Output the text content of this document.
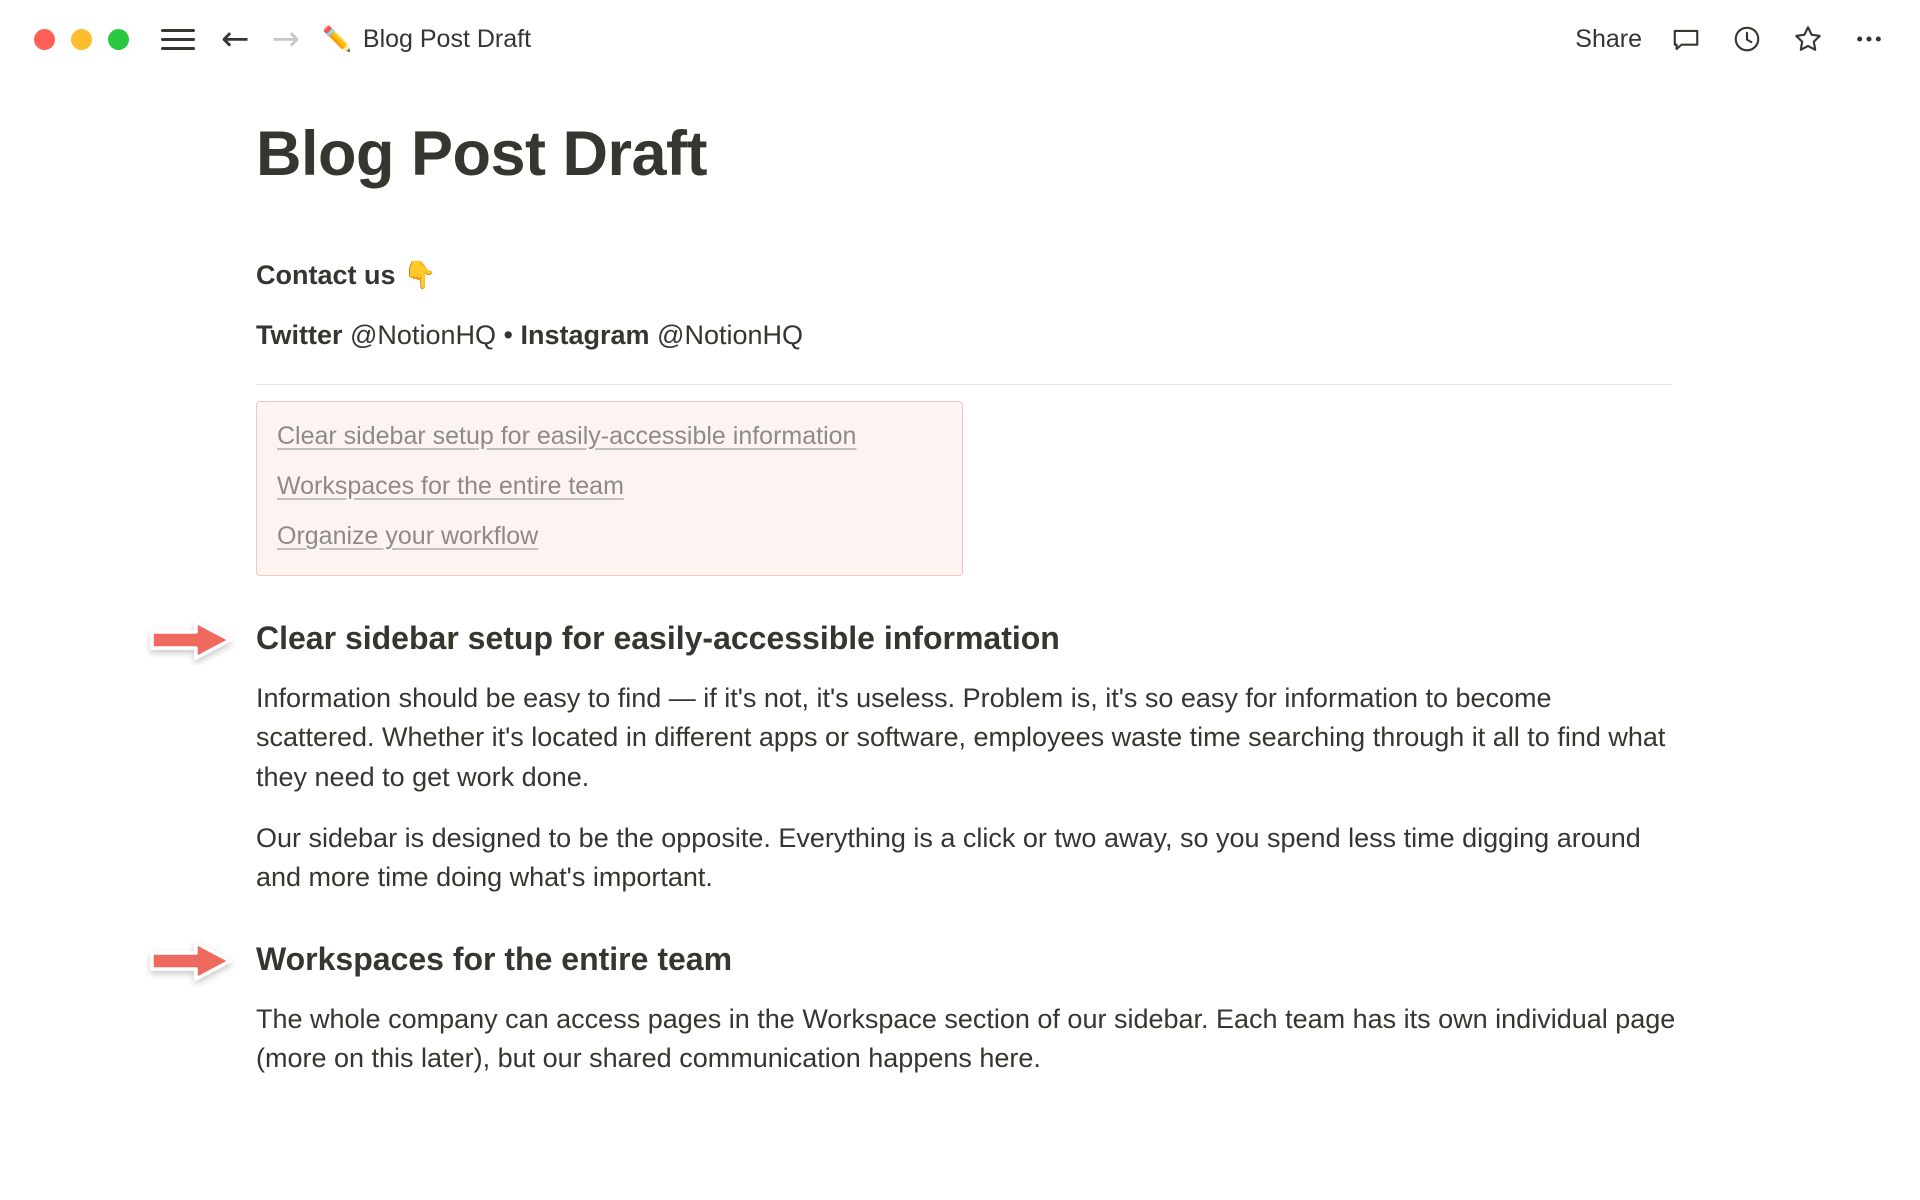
← → ✏️ Blog Post Draft	Share
Blog Post Draft
Contact us 👇
Twitter @NotionHQ • Instagram @NotionHQ
Clear sidebar setup for easily-accessible information
Workspaces for the entire team
Organize your workflow
Clear sidebar setup for easily-accessible information

Information should be easy to find — if it's not, it's useless. Problem is, it's so easy for information to become scattered. Whether it's located in different apps or software, employees waste time searching through it all to find what they need to get work done.

Our sidebar is designed to be the opposite. Everything is a click or two away, so you spend less time digging around and more time doing what's important.

Workspaces for the entire team

The whole company can access pages in the Workspace section of our sidebar. Each team has its own individual page (more on this later), but our shared communication happens here.
